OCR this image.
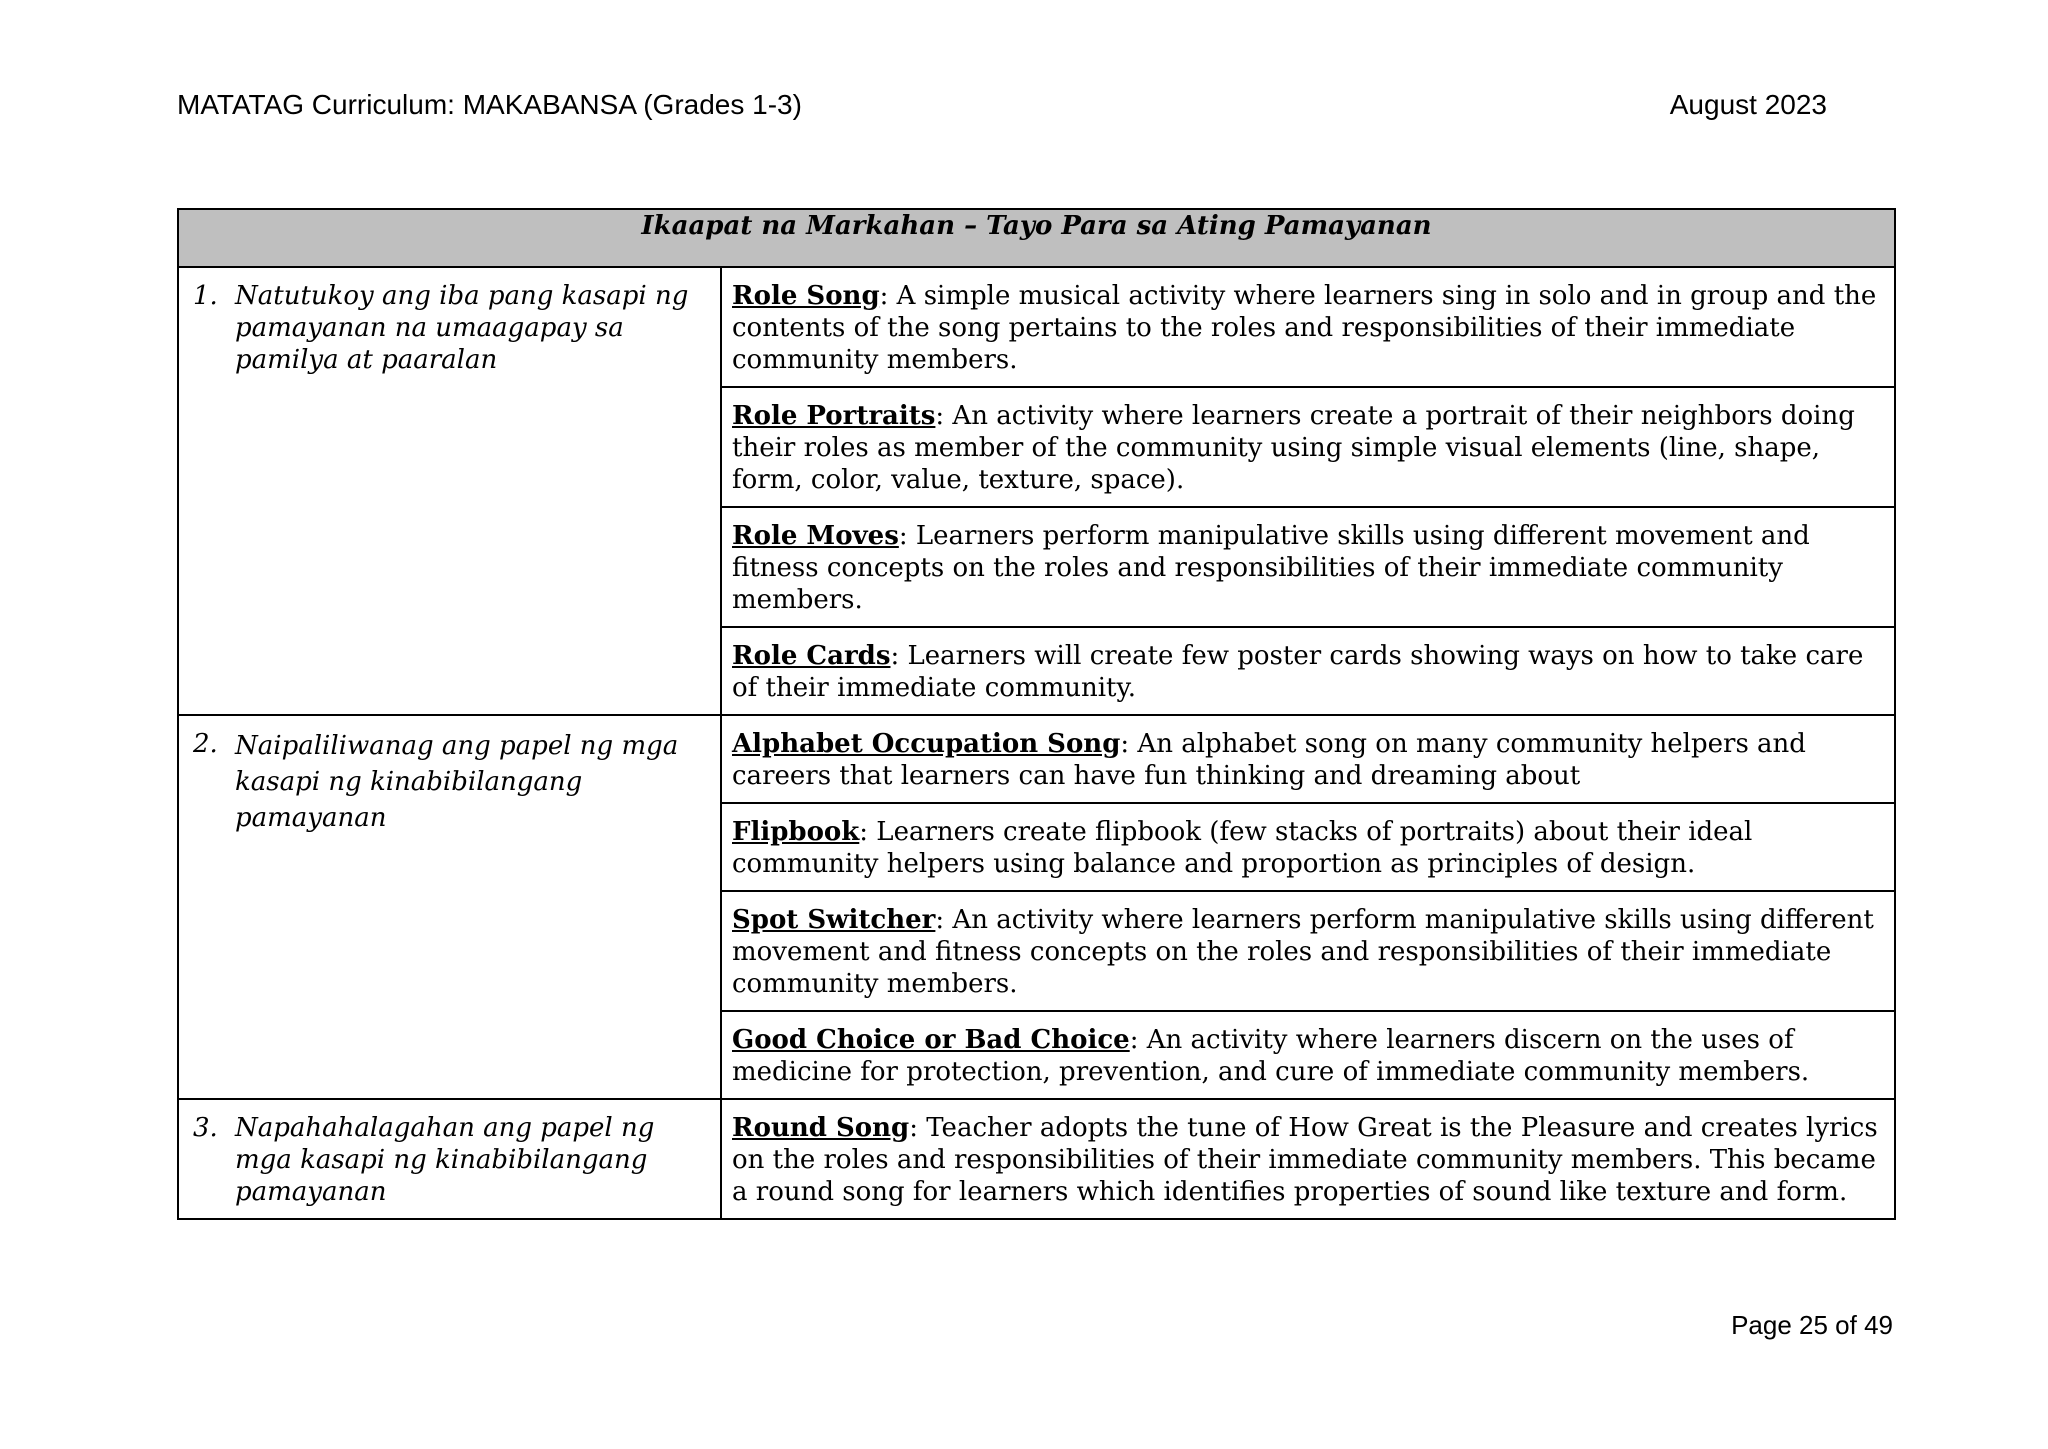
MATATAG Curriculum: MAKABANSA (Grades 1-3)	August 2023
Ikaapat na Markahan – Tayo Para sa Ating Pamayanan	

1. Natutukoy ang iba pang kasapi ng pamayanan na umaagapay sa pamilya at paaralan	Role Song: A simple musical activity where learners sing in solo and in group and the contents of the song pertains to the roles and responsibilities of their immediate community members.
	Role Portraits: An activity where learners create a portrait of their neighbors doing their roles as member of the community using simple visual elements (line, shape, form, color, value, texture, space).
	Role Moves: Learners perform manipulative skills using different movement and fitness concepts on the roles and responsibilities of their immediate community members.
	Role Cards: Learners will create few poster cards showing ways on how to take care of their immediate community.

2. Naipaliliwanag ang papel ng mga kasapi ng kinabibilangang pamayanan	Alphabet Occupation Song: An alphabet song on many community helpers and careers that learners can have fun thinking and dreaming about
	Flipbook: Learners create flipbook (few stacks of portraits) about their ideal community helpers using balance and proportion as principles of design.
	Spot Switcher: An activity where learners perform manipulative skills using different movement and fitness concepts on the roles and responsibilities of their immediate community members.
	Good Choice or Bad Choice: An activity where learners discern on the uses of medicine for protection, prevention, and cure of immediate community members.

3. Napahahalagahan ang papel ng mga kasapi ng kinabibilangang pamayanan	Round Song: Teacher adopts the tune of How Great is the Pleasure and creates lyrics on the roles and responsibilities of their immediate community members. This became a round song for learners which identifies properties of sound like texture and form.
Page 25 of 49
